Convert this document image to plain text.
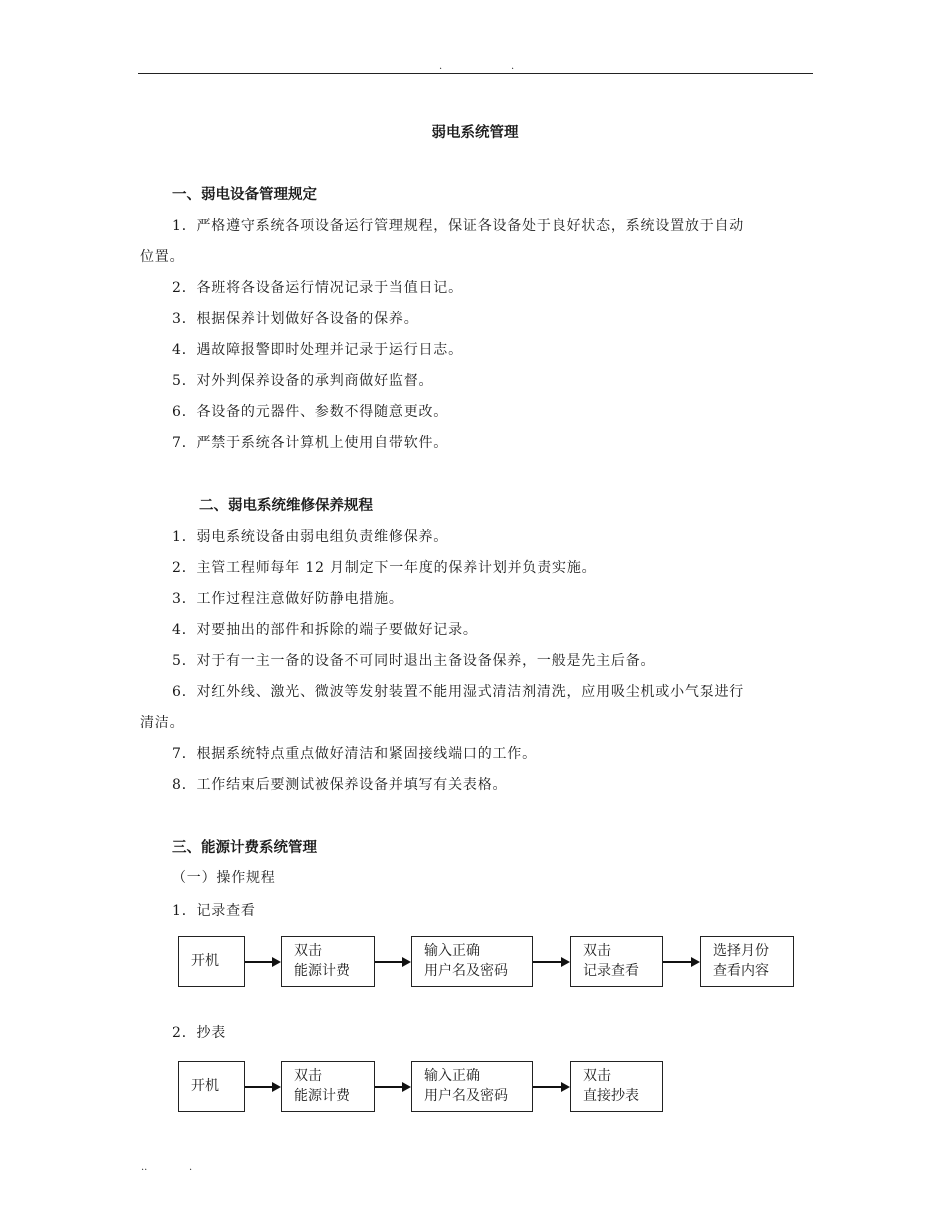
.	.
弱电系统管理
一、弱电设备管理规定
1．严格遵守系统各项设备运行管理规程，保证各设备处于良好状态，系统设置放于自动
位置。
2．各班将各设备运行情况记录于当值日记。
3．根据保养计划做好各设备的保养。
4．遇故障报警即时处理并记录于运行日志。
5．对外判保养设备的承判商做好监督。
6．各设备的元器件、参数不得随意更改。
7．严禁于系统各计算机上使用自带软件。
二、弱电系统维修保养规程
1．弱电系统设备由弱电组负责维修保养。
2．主管工程师每年 12 月制定下一年度的保养计划并负责实施。
3．工作过程注意做好防静电措施。
4．对要抽出的部件和拆除的端子要做好记录。
5．对于有一主一备的设备不可同时退出主备设备保养，一般是先主后备。
6．对红外线、激光、微波等发射装置不能用湿式清洁剂清洗，应用吸尘机或小气泵进行
清洁。
7．根据系统特点重点做好清洁和紧固接线端口的工作。
8．工作结束后要测试被保养设备并填写有关表格。
三、能源计费系统管理
（一）操作规程
1．记录查看
开机
双击
能源计费
输入正确
用户名及密码
双击
记录查看
选择月份
查看内容
2．抄表
开机
双击
能源计费
输入正确
用户名及密码
双击
直接抄表
..	.
